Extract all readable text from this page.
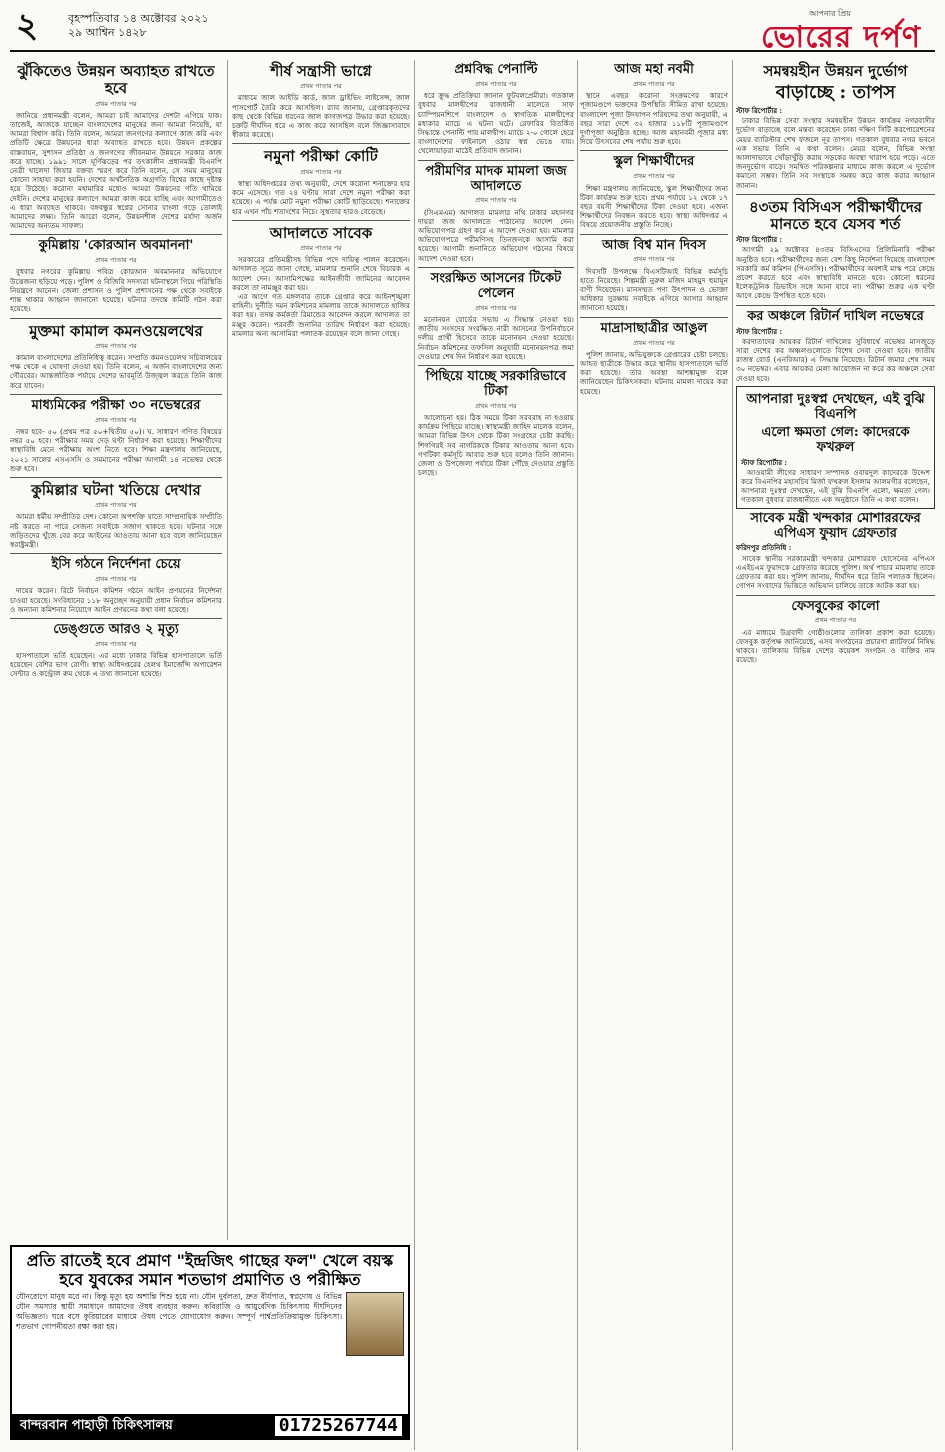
২	বৃহস্পতিবার ১৪ অক্টোবর ২০২১
২৯ আশ্বিন ১৪২৮
আপনার প্রিয়
ভোরের দর্পণ
ঝুঁকিতেও উন্নয়ন অব্যাহত রাখতে হবে
প্রথম পাতার পর

জানিয়ে প্রধানমন্ত্রী বলেন, আমরা চাই আমাদের দেশটা এগিয়ে যাক। তাজেই, আজকে যাচ্ছেন বাংলাদেশের মানুষের জন্য আমরা নিয়েছি, যা আমরা বিশ্বাস করি। তিনি বলেন, আমরা জনগণের কল্যাণে কাজ করি এবং প্রতিটি ক্ষেত্রে উন্নয়নের ধারা অব্যাহত রাখতে হবে। উন্নয়ন প্রকল্পের বাস্তবায়ন, সুশাসন প্রতিষ্ঠা ও জনগণের জীবনমান উন্নয়নে সরকার কাজ করে যাচ্ছে। ১৯৯১ সালে ঘূর্ণিঝড়ের পর তৎকালীন প্রধানমন্ত্রী বিএনপি নেত্রী খালেদা জিয়ার বক্তব্য স্মরণ করে তিনি বলেন, সে সময় মানুষের কোনো সাহায্য করা হয়নি। দেশের অর্থনৈতিক অগ্রগতি বিশ্বের কাছে দৃষ্টান্ত হয়ে উঠেছে। করোনা মহামারির মধ্যেও আমরা উন্নয়নের গতি থামিয়ে দেইনি। দেশের মানুষের কল্যাণে আমরা কাজ করে যাচ্ছি এবং আগামীতেও এ ধারা অব্যাহত থাকবে। বঙ্গবন্ধুর স্বপ্নের সোনার বাংলা গড়ে তোলাই আমাদের লক্ষ্য। তিনি আরো বলেন, উন্নয়নশীল দেশের মর্যাদা অর্জন আমাদের অন্যতম সাফল্য।

কুমিল্লায় 'কোরআন অবমাননা'
প্রথম পাতার পর

বুধবার নগরের কুমিল্লায় পবিত্র কোরআন অবমাননার অভিযোগে উত্তেজনা ছড়িয়ে পড়ে। পুলিশ ও বিজিবি সদস্যরা ঘটনাস্থলে গিয়ে পরিস্থিতি নিয়ন্ত্রণে আনেন। জেলা প্রশাসন ও পুলিশ প্রশাসনের পক্ষ থেকে সবাইকে শান্ত থাকার আহ্বান জানানো হয়েছে। ঘটনার তদন্তে কমিটি গঠন করা হয়েছে।

মুক্তমা কামাল কমনওয়েলথের
প্রথম পাতার পর

কামাল বাংলাদেশের প্রতিনিধিত্ব করেন। সম্প্রতি কমনওয়েলথ সচিবালয়ের পক্ষ থেকে এ ঘোষণা দেওয়া হয়। তিনি বলেন, এ অর্জন বাংলাদেশের জন্য গৌরবের। আন্তর্জাতিক পর্যায়ে দেশের ভাবমূর্তি উজ্জ্বল করতে তিনি কাজ করে যাবেন।

মাধ্যমিকের পরীক্ষা ৩০ নভেম্বরের
প্রথম পাতার পর

নম্বর হবে- ৫০ (প্রথম পত্র ৫০+দ্বিতীয় ৫০)। ঘ. সাধারণ গণিত বিষয়ের নম্বর ৫০ হবে। পরীক্ষার সময় দেড় ঘণ্টা নির্ধারণ করা হয়েছে। শিক্ষার্থীদের স্বাস্থ্যবিধি মেনে পরীক্ষায় অংশ নিতে হবে। শিক্ষা মন্ত্রণালয় জানিয়েছে, ২০২১ সালের এসএসসি ও সমমানের পরীক্ষা আগামী ১৪ নভেম্বর থেকে শুরু হবে।

কুমিল্লার ঘটনা খতিয়ে দেখার
প্রথম পাতার পর

আমরা ধর্মীয় সম্প্রীতির দেশ। কোনো অপশক্তি যাতে সাম্প্রদায়িক সম্প্রীতি নষ্ট করতে না পারে সেজন্য সবাইকে সজাগ থাকতে হবে। ঘটনার সঙ্গে জড়িতদের খুঁজে বের করে আইনের আওতায় আনা হবে বলে জানিয়েছেন স্বরাষ্ট্রমন্ত্রী।

ইসি গঠনে নির্দেশনা চেয়ে
প্রথম পাতার পর

দায়ের করেন। রিটে নির্বাচন কমিশন গঠনে আইন প্রণয়নের নির্দেশনা চাওয়া হয়েছে। সংবিধানের ১১৮ অনুচ্ছেদ অনুযায়ী প্রধান নির্বাচন কমিশনার ও অন্যান্য কমিশনার নিয়োগে আইন প্রণয়নের কথা বলা হয়েছে।

ডেঙ্গুতে আরও ২ মৃত্যু
প্রথম পাতার পর

হাসপাতালে ভর্তি হয়েছেন। এর মধ্যে ঢাকার বিভিন্ন হাসপাতালে ভর্তি হয়েছেন বেশির ভাগ রোগী। স্বাস্থ্য অধিদপ্তরের হেলথ ইমার্জেন্সি অপারেশন সেন্টার ও কন্ট্রোল রুম থেকে এ তথ্য জানানো হয়েছে।

শীর্ষ সন্ত্রাসী ভাগ্নে
প্রথম পাতার পর

মাধ্যমে জাল আইডি কার্ড, জাল ড্রাইভিং লাইসেন্স, জাল পাসপোর্ট তৈরি করে আসছিল। র‌্যাব জানায়, গ্রেপ্তারকৃতদের কাছ থেকে বিভিন্ন ধরনের জাল কাগজপত্র উদ্ধার করা হয়েছে। চক্রটি দীর্ঘদিন ধরে এ কাজ করে আসছিল বলে জিজ্ঞাসাবাদে স্বীকার করেছে।

নমুনা পরীক্ষা কোটি
প্রথম পাতার পর

স্বাস্থ্য অধিদপ্তরের তথ্য অনুযায়ী, দেশে করোনা শনাক্তের হার কমে এসেছে। গত ২৪ ঘণ্টায় সারা দেশে নমুনা পরীক্ষা করা হয়েছে। এ পর্যন্ত মোট নমুনা পরীক্ষা কোটি ছাড়িয়েছে। শনাক্তের হার এখন পাঁচ শতাংশের নিচে। সুস্থতার হারও বেড়েছে।

আদালতে সাবেক
প্রথম পাতার পর

সরকারের প্রতিমন্ত্রীসহ বিভিন্ন পদে দায়িত্ব পালন করেছেন। আদালত সূত্রে জানা গেছে, মামলার শুনানি শেষে বিচারক এ আদেশ দেন। আসামিপক্ষের আইনজীবী জামিনের আবেদন করলে তা নামঞ্জুর করা হয়।

এর আগে গত মঙ্গলবার তাকে গ্রেপ্তার করে আইনশৃঙ্খলা বাহিনী। দুর্নীতি দমন কমিশনের মামলায় তাকে আদালতে হাজির করা হয়। তদন্ত কর্মকর্তা রিমান্ডের আবেদন করলে আদালত তা মঞ্জুর করেন। পরবর্তী শুনানির তারিখ নির্ধারণ করা হয়েছে। মামলার অন্য আসামিরা পলাতক রয়েছেন বলে জানা গেছে।

প্রশ্নবিদ্ধ পেনাল্টি
প্রথম পাতার পর

ধরে ক্রুদ্ধ প্রতিক্রিয়া জানান ফুটবলপ্রেমীরা। গতকাল বুধবার মালদ্বীপের রাজধানী মালেতে সাফ চ্যাম্পিয়নশিপে বাংলাদেশ ও স্বাগতিক মালদ্বীপের মধ্যকার ম্যাচে এ ঘটনা ঘটে। রেফারির বিতর্কিত সিদ্ধান্তে পেনাল্টি পায় মালদ্বীপ। ম্যাচে ২-০ গোলে হেরে বাংলাদেশের ফাইনালে ওঠার স্বপ্ন ভেঙে যায়। খেলোয়াড়রা মাঠেই প্রতিবাদ জানান।

পরীমণির মাদক মামলা জজ আদালতে
প্রথম পাতার পর

(সিএমএম) আদালত মামলার নথি ঢাকার মহানগর দায়রা জজ আদালতে পাঠানোর আদেশ দেন। অভিযোগপত্র গ্রহণ করে এ আদেশ দেওয়া হয়। মামলার অভিযোগপত্রে পরীমণিসহ তিনজনকে আসামি করা হয়েছে। আগামী শুনানিতে অভিযোগ গঠনের বিষয়ে আদেশ দেওয়া হবে।

সংরক্ষিত আসনের টিকেট পেলেন
প্রথম পাতার পর

মনোনয়ন বোর্ডের সভায় এ সিদ্ধান্ত নেওয়া হয়। জাতীয় সংসদের সংরক্ষিত নারী আসনের উপনির্বাচনে দলীয় প্রার্থী হিসেবে তাকে মনোনয়ন দেওয়া হয়েছে। নির্বাচন কমিশনের তফসিল অনুযায়ী মনোনয়নপত্র জমা দেওয়ার শেষ দিন নির্ধারণ করা হয়েছে।

পিছিয়ে যাচ্ছে সরকারিভাবে টিকা
প্রথম পাতার পর

আলোচনা হয়। ঠিক সময়ে টিকা সরবরাহ না হওয়ায় কার্যক্রম পিছিয়ে যাচ্ছে। স্বাস্থ্যমন্ত্রী জাহিদ মালেক বলেন, আমরা বিভিন্ন উৎস থেকে টিকা সংগ্রহের চেষ্টা করছি। শিগগিরই সব নাগরিককে টিকার আওতায় আনা হবে। গণটিকা কর্মসূচি আবার শুরু হবে বলেও তিনি জানান। জেলা ও উপজেলা পর্যায়ে টিকা পৌঁছে দেওয়ার প্রস্তুতি চলছে।

আজ মহা নবমী
প্রথম পাতার পর

স্থানে এবছর করোনা সংক্রমণের কারণে পূজামণ্ডপে ভক্তদের উপস্থিতি সীমিত রাখা হয়েছে। বাংলাদেশ পূজা উদযাপন পরিষদের তথ্য অনুযায়ী, এ বছর সারা দেশে ৩২ হাজার ১১৮টি পূজামণ্ডপে দুর্গাপূজা অনুষ্ঠিত হচ্ছে। আজ মহানবমী পূজার মধ্য দিয়ে উৎসবের শেষ পর্যায় শুরু হবে।

স্কুল শিক্ষার্থীদের
প্রথম পাতার পর

শিক্ষা মন্ত্রণালয় জানিয়েছে, স্কুল শিক্ষার্থীদের জন্য টিকা কার্যক্রম শুরু হবে। প্রথম পর্যায়ে ১২ থেকে ১৭ বছর বয়সী শিক্ষার্থীদের টিকা দেওয়া হবে। এজন্য শিক্ষার্থীদের নিবন্ধন করতে হবে। স্বাস্থ্য অধিদপ্তর এ বিষয়ে প্রয়োজনীয় প্রস্তুতি নিচ্ছে।

আজ বিশ্ব মান দিবস
প্রথম পাতার পর

দিবসটি উপলক্ষে বিএসটিআই বিভিন্ন কর্মসূচি হাতে নিয়েছে। শিল্পমন্ত্রী নুরুল মজিদ মাহমুদ হুমায়ূন বাণী দিয়েছেন। মানসম্মত পণ্য উৎপাদন ও ভোক্তা অধিকার সুরক্ষায় সবাইকে এগিয়ে আসার আহ্বান জানানো হয়েছে।

মাদ্রাসাছাত্রীর আঙুল
প্রথম পাতার পর

পুলিশ জানায়, অভিযুক্তকে গ্রেপ্তারের চেষ্টা চলছে। আহত ছাত্রীকে উদ্ধার করে স্থানীয় হাসপাতালে ভর্তি করা হয়েছে। তার অবস্থা আশঙ্কামুক্ত বলে জানিয়েছেন চিকিৎসকরা। ঘটনায় মামলা দায়ের করা হয়েছে।

সমন্বয়হীন উন্নয়ন দুর্ভোগ
বাড়াচ্ছে : তাপস
স্টাফ রিপোর্টার :

ঢাকার বিভিন্ন সেবা সংস্থার সমন্বয়হীন উন্নয়ন কার্যক্রম নগরবাসীর দুর্ভোগ বাড়াচ্ছে বলে মন্তব্য করেছেন ঢাকা দক্ষিণ সিটি করপোরেশনের মেয়র ব্যারিস্টার শেখ ফজলে নূর তাপস। গতকাল বুধবার নগর ভবনে এক সভায় তিনি এ কথা বলেন। মেয়র বলেন, বিভিন্ন সংস্থা আলাদাভাবে খোঁড়াখুঁড়ি করায় সড়কের অবস্থা খারাপ হয়ে পড়ে। এতে জনদুর্ভোগ বাড়ে। সমন্বিত পরিকল্পনার মাধ্যমে কাজ করলে এ দুর্ভোগ কমানো সম্ভব। তিনি সব সংস্থাকে সমন্বয় করে কাজ করার আহ্বান জানান।

৪৩তম বিসিএস পরীক্ষার্থীদের মানতে হবে যেসব শর্ত
স্টাফ রিপোর্টার :

আগামী ২৯ অক্টোবর ৪৩তম বিসিএসের প্রিলিমিনারি পরীক্ষা অনুষ্ঠিত হবে। পরীক্ষার্থীদের জন্য বেশ কিছু নির্দেশনা দিয়েছে বাংলাদেশ সরকারি কর্ম কমিশন (পিএসসি)। পরীক্ষার্থীদের অবশ্যই মাস্ক পরে কেন্দ্রে প্রবেশ করতে হবে এবং স্বাস্থ্যবিধি মানতে হবে। কোনো ধরনের ইলেকট্রনিক ডিভাইস সঙ্গে আনা যাবে না। পরীক্ষা শুরুর এক ঘণ্টা আগে কেন্দ্রে উপস্থিত হতে হবে।

কর অঞ্চলে রিটার্ন দাখিল নভেম্বরে
স্টাফ রিপোর্টার :

করদাতাদের আয়কর রিটার্ন দাখিলের সুবিধার্থে নভেম্বর মাসজুড়ে সারা দেশের কর অঞ্চলগুলোতে বিশেষ সেবা দেওয়া হবে। জাতীয় রাজস্ব বোর্ড (এনবিআর) এ সিদ্ধান্ত নিয়েছে। রিটার্ন জমার শেষ সময় ৩০ নভেম্বর। এবার আয়কর মেলা আয়োজন না করে কর অঞ্চলে সেবা দেওয়া হবে।

আপনারা দুঃস্বপ্ন দেখছেন, এই বুঝি বিএনপি
এলো ক্ষমতা গেল: কাদেরকে ফখরুল
স্টাফ রিপোর্টার :

আওয়ামী লীগের সাধারণ সম্পাদক ওবায়দুল কাদেরকে উদ্দেশ করে বিএনপির মহাসচিব মির্জা ফখরুল ইসলাম আলমগীর বলেছেন, আপনারা দুঃস্বপ্ন দেখছেন, এই বুঝি বিএনপি এলো, ক্ষমতা গেল। গতকাল বুধবার রাজধানীতে এক অনুষ্ঠানে তিনি এ কথা বলেন।

সাবেক মন্ত্রী খন্দকার মোশাররফের এপিএস ফুয়াদ গ্রেফতার
ফরিদপুর প্রতিনিধি :

সাবেক স্থানীয় সরকারমন্ত্রী খন্দকার মোশাররফ হোসেনের এপিএস এএইচএম ফুয়াদকে গ্রেফতার করেছে পুলিশ। অর্থ পাচার মামলায় তাকে গ্রেফতার করা হয়। পুলিশ জানায়, দীর্ঘদিন ধরে তিনি পলাতক ছিলেন। গোপন সংবাদের ভিত্তিতে অভিযান চালিয়ে তাকে আটক করা হয়।

ফেসবুকের কালো
প্রথম পাতার পর

এর মাধ্যমে উগ্রবাদী গোষ্ঠীগুলোর তালিকা প্রকাশ করা হয়েছে। ফেসবুক কর্তৃপক্ষ জানিয়েছে, এসব সংগঠনের প্রচারণা প্ল্যাটফর্মে নিষিদ্ধ থাকবে। তালিকায় বিভিন্ন দেশের কয়েকশ সংগঠন ও ব্যক্তির নাম রয়েছে।

প্রতি রাতেই হবে প্রমাণ "ইন্দ্রজিৎ গাছের ফল" খেলে বয়স্ক হবে যুবকের সমান শতভাগ প্রমাণিত ও পরীক্ষিত

যৌনরোগে মানুষ মরে না। কিন্তু মৃত্যু হয় অশান্তি শিশু হয়ে না। যৌন দুর্বলতা, দ্রুত বীর্যপাত, স্বপ্নদোষ ও বিভিন্ন যৌন সমস্যার স্থায়ী সমাধানে আমাদের ঔষধ ব্যবহার করুন। কবিরাজি ও আয়ুর্বেদিক চিকিৎসায় দীর্ঘদিনের অভিজ্ঞতা। ঘরে বসে কুরিয়ারের মাধ্যমে ঔষধ পেতে যোগাযোগ করুন। সম্পূর্ণ পার্শ্বপ্রতিক্রিয়ামুক্ত চিকিৎসা। শতভাগ গোপনীয়তা রক্ষা করা হয়।

বান্দরবান পাহাড়ী চিকিৎসালয়	01725267744
